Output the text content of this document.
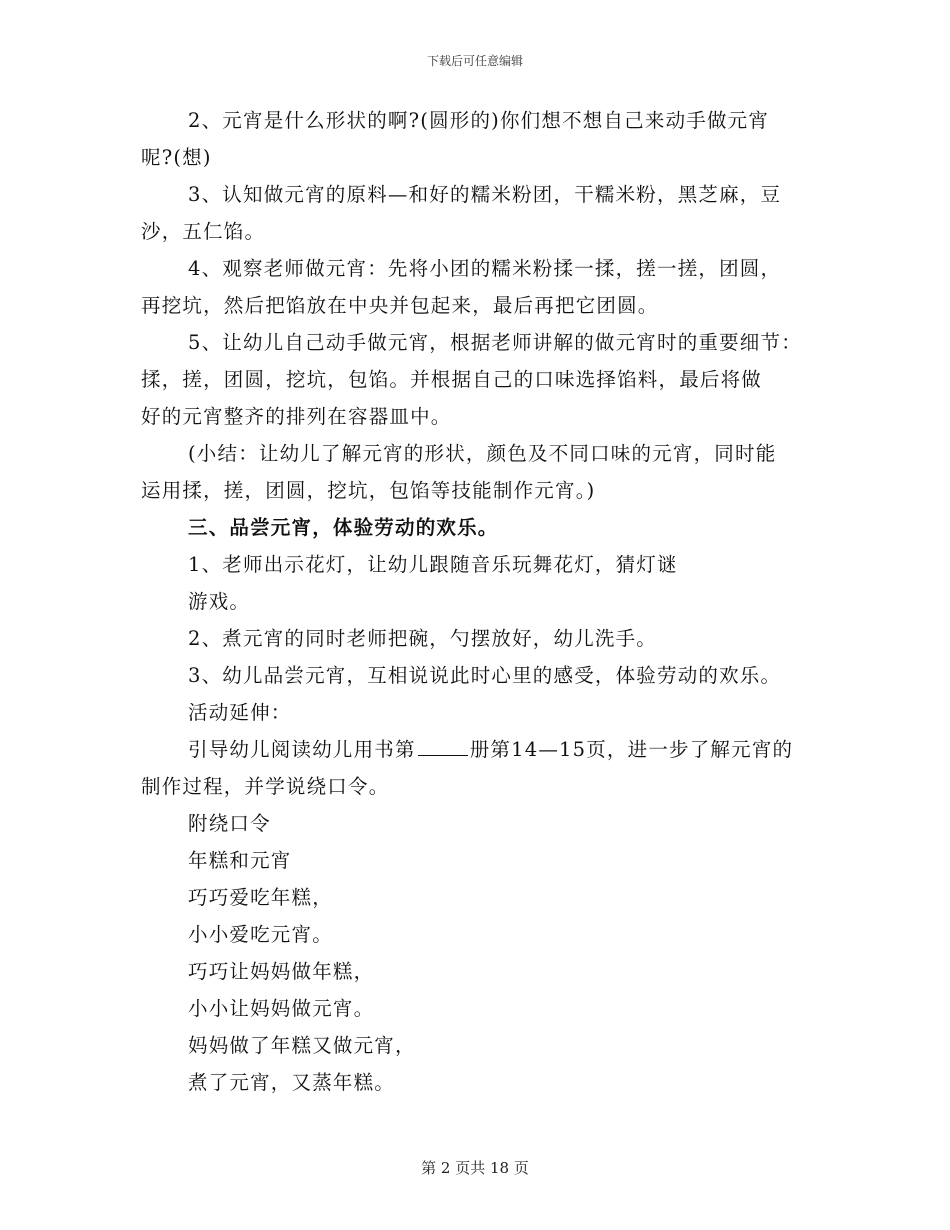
下载后可任意编辑
2、元宵是什么形状的啊?(圆形的)你们想不想自己来动手做元宵
呢?(想)
3、认知做元宵的原料—和好的糯米粉团，干糯米粉，黑芝麻，豆
沙，五仁馅。
4、观察老师做元宵：先将小团的糯米粉揉一揉，搓一搓，团圆，
再挖坑，然后把馅放在中央并包起来，最后再把它团圆。
5、让幼儿自己动手做元宵，根据老师讲解的做元宵时的重要细节：
揉，搓，团圆，挖坑，包馅。并根据自己的口味选择馅料，最后将做
好的元宵整齐的排列在容器皿中。
(小结：让幼儿了解元宵的形状，颜色及不同口味的元宵，同时能
运用揉，搓，团圆，挖坑，包馅等技能制作元宵。)
三、品尝元宵，体验劳动的欢乐。
1、老师出示花灯，让幼儿跟随音乐玩舞花灯，猜灯谜
游戏。
2、煮元宵的同时老师把碗，勺摆放好，幼儿洗手。
3、幼儿品尝元宵，互相说说此时心里的感受，体验劳动的欢乐。
活动延伸：
引导幼儿阅读幼儿用书第	册第14—15页，进一步了解元宵的
制作过程，并学说绕口令。
附绕口令
年糕和元宵
巧巧爱吃年糕，
小小爱吃元宵。
巧巧让妈妈做年糕，
小小让妈妈做元宵。
妈妈做了年糕又做元宵，
煮了元宵，又蒸年糕。
第 2 页共 18 页
